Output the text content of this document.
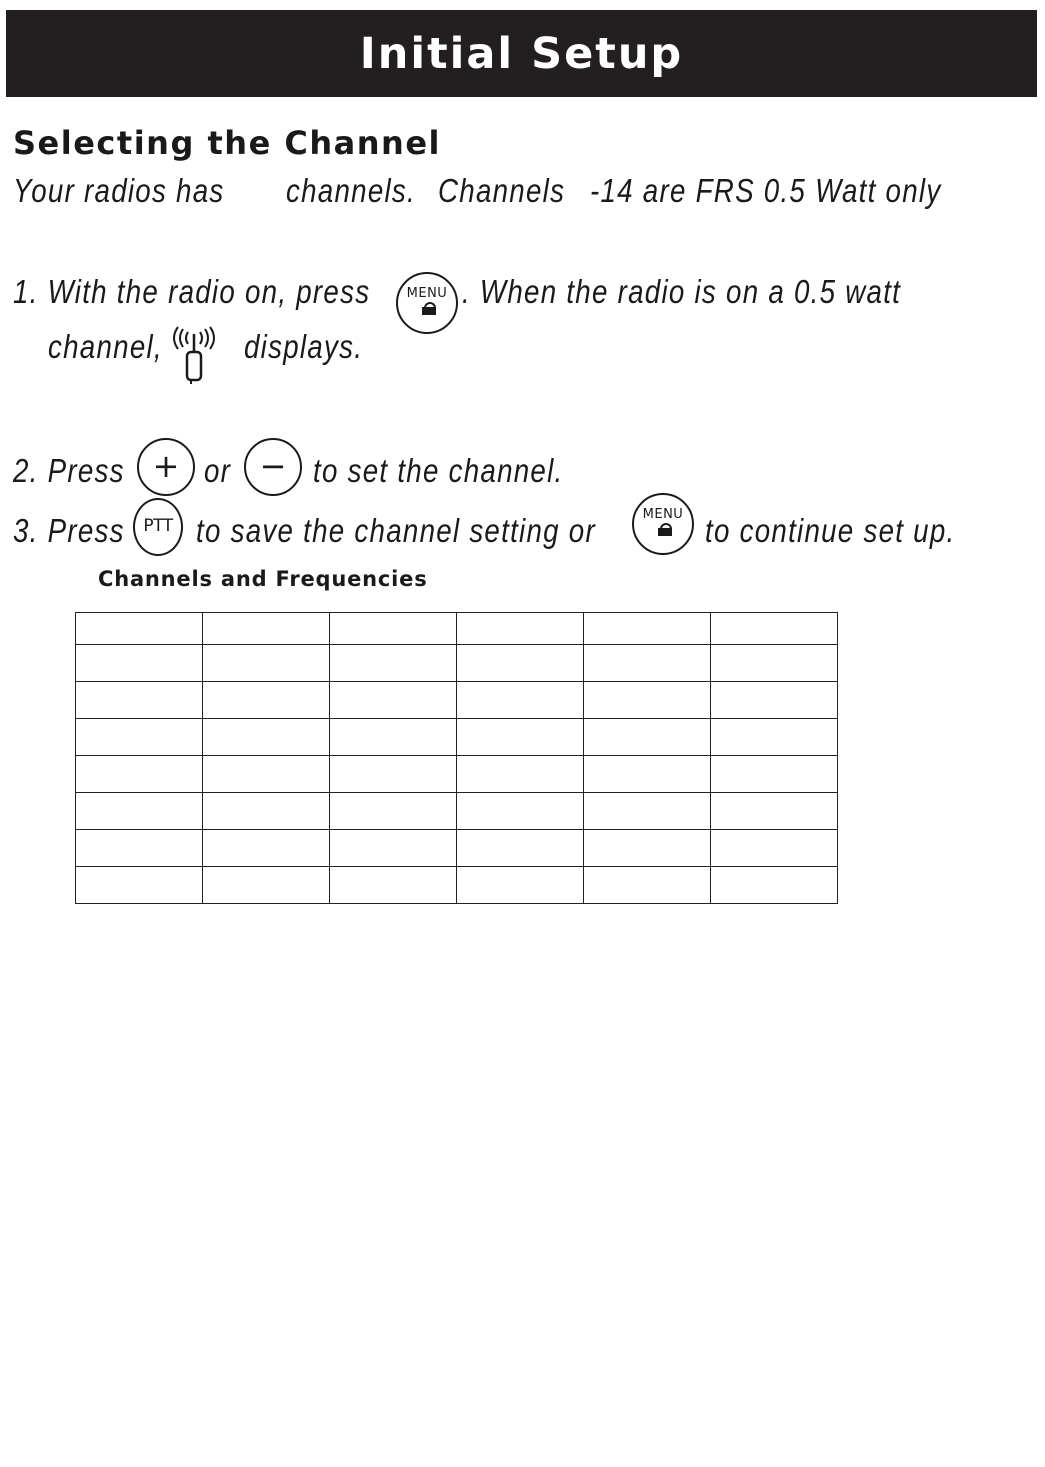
Initial Setup
Selecting the Channel
Your radios has channels. Channels -14 are FRS 0.5 Watt only
1. With the radio on, press	MENU . When the radio is on a 0.5 watt
channel,	displays.
2. Press + or − to set the channel.
3. Press	PTT to save the channel setting or	MENU to continue set up.
Channels and Frequencies
